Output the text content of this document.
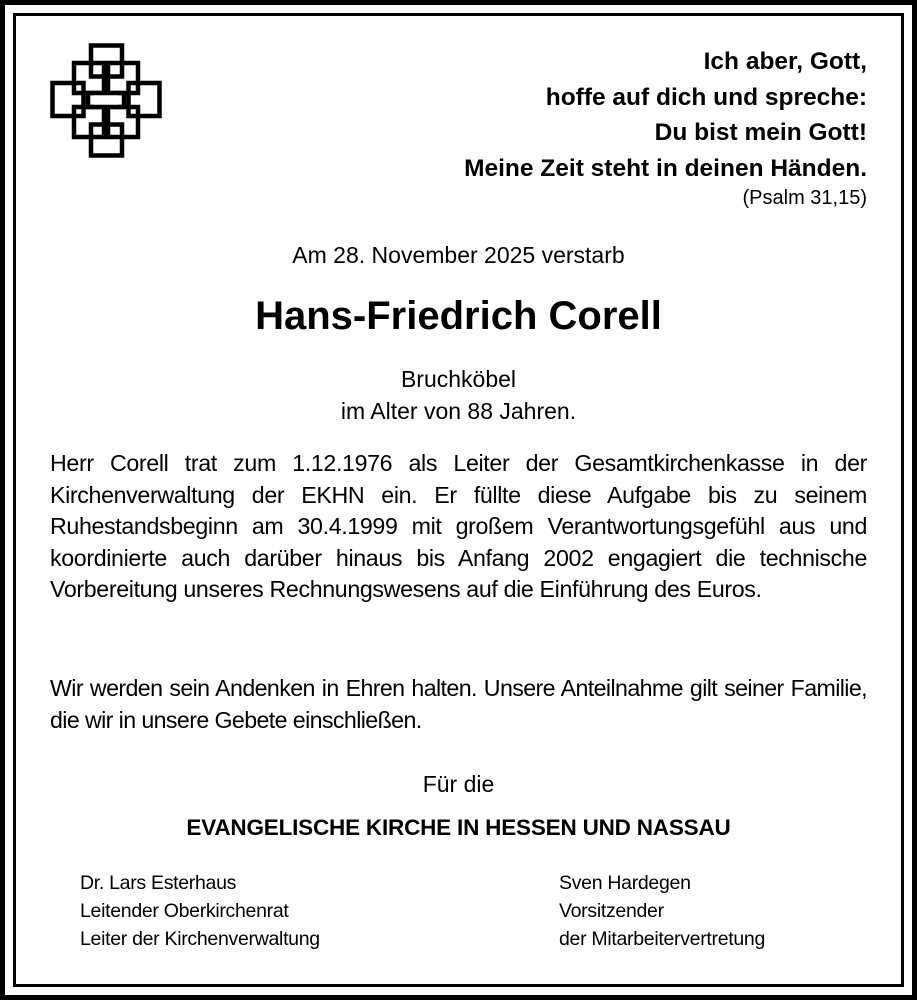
Ich aber, Gott,
hoffe auf dich und spreche:
Du bist mein Gott!
Meine Zeit steht in deinen Händen.
(Psalm 31,15)
Am 28. November 2025 verstarb
Hans-Friedrich Corell
Bruchköbel
im Alter von 88 Jahren.
Herr Corell trat zum 1.12.1976 als Leiter der Gesamtkirchenkasse in der Kirchenverwaltung der EKHN ein. Er füllte diese Aufgabe bis zu seinem Ruhestandsbeginn am 30.4.1999 mit großem Verantwortungsgefühl aus und koordinierte auch darüber hinaus bis Anfang 2002 engagiert die technische Vorbereitung unseres Rechnungswesens auf die Einführung des Euros.
Wir werden sein Andenken in Ehren halten. Unsere Anteilnahme gilt seiner Familie, die wir in unsere Gebete einschließen.
Für die
EVANGELISCHE KIRCHE IN HESSEN UND NASSAU
Dr. Lars Esterhaus
Leitender Oberkirchenrat
Leiter der Kirchenverwaltung
Sven Hardegen
Vorsitzender
der Mitarbeitervertretung
